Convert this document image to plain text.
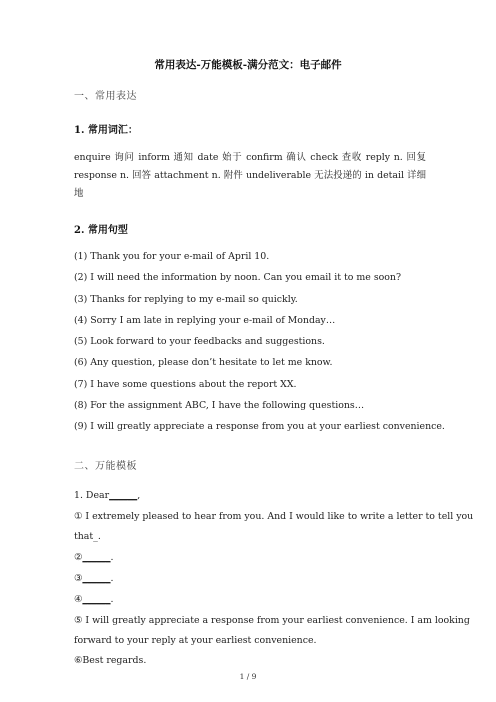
常用表达-万能模板-满分范文：电子邮件
一、常用表达
1. 常用词汇：
enquire 询问 inform 通知 date 始于 confirm 确认 check 查收 reply n. 回复 response n. 回答 attachment n. 附件 undeliverable 无法投递的 in detail 详细地
2. 常用句型
(1) Thank you for your e-mail of April 10.
(2) I will need the information by noon. Can you email it to me soon?
(3) Thanks for replying to my e-mail so quickly.
(4) Sorry I am late in replying your e-mail of Monday…
(5) Look forward to your feedbacks and suggestions.
(6) Any question, please don’t hesitate to let me know.
(7) I have some questions about the report XX.
(8) For the assignment ABC, I have the following questions…
(9) I will greatly appreciate a response from you at your earliest convenience.
二、万能模板
1. Dear______,
① I extremely pleased to hear from you. And I would like to write a letter to tell you
that_.
②______.
③______.
④______.
⑤ I will greatly appreciate a response from your earliest convenience. I am looking
forward to your reply at your earliest convenience.
⑥Best regards.
1 / 9
